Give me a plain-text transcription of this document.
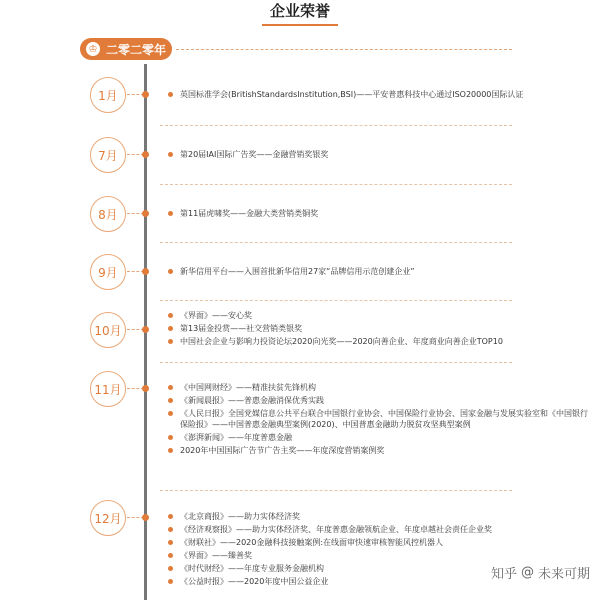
企业荣誉
♔ 二零二零年
1月	英国标准学会(BritishStandardsInstitution,BSI)——平安普惠科技中心通过ISO20000国际认证
7月	第20届IAI国际广告奖——金融营销奖银奖
8月	第11届虎啸奖——金融大类营销类铜奖
9月	新华信用平台——入围首批新华信用27家“品牌信用示范创建企业”
10月
《界面》——安心奖
第13届金投赏——社交营销类银奖
中国社会企业与影响力投资论坛2020向光奖——2020向善企业、年度商业向善企业TOP10
11月	《中国网财经》——精准扶贫先锋机构
《新闻晨报》——普惠金融消保优秀实践
《人民日报》全国党媒信息公共平台联合中国银行业协会、中国保险行业协会、国家金融与发展实验室和《中国银行保险报》——中国普惠金融典型案例(2020)、中国普惠金融助力脱贫攻坚典型案例
《澎湃新闻》——年度普惠金融
2020年中国国际广告节广告主奖——年度深度营销案例奖
12月	《北京商报》——助力实体经济奖
《经济观察报》——助力实体经济奖、年度普惠金融领航企业、年度卓越社会责任企业奖
《财联社》——2020金融科技接触案例:在线面审快速审核智能风控机器人
《界面》——臻善奖
《时代财经》——年度专业服务金融机构
《公益时报》——2020年度中国公益企业	知乎 @ 未来可期
